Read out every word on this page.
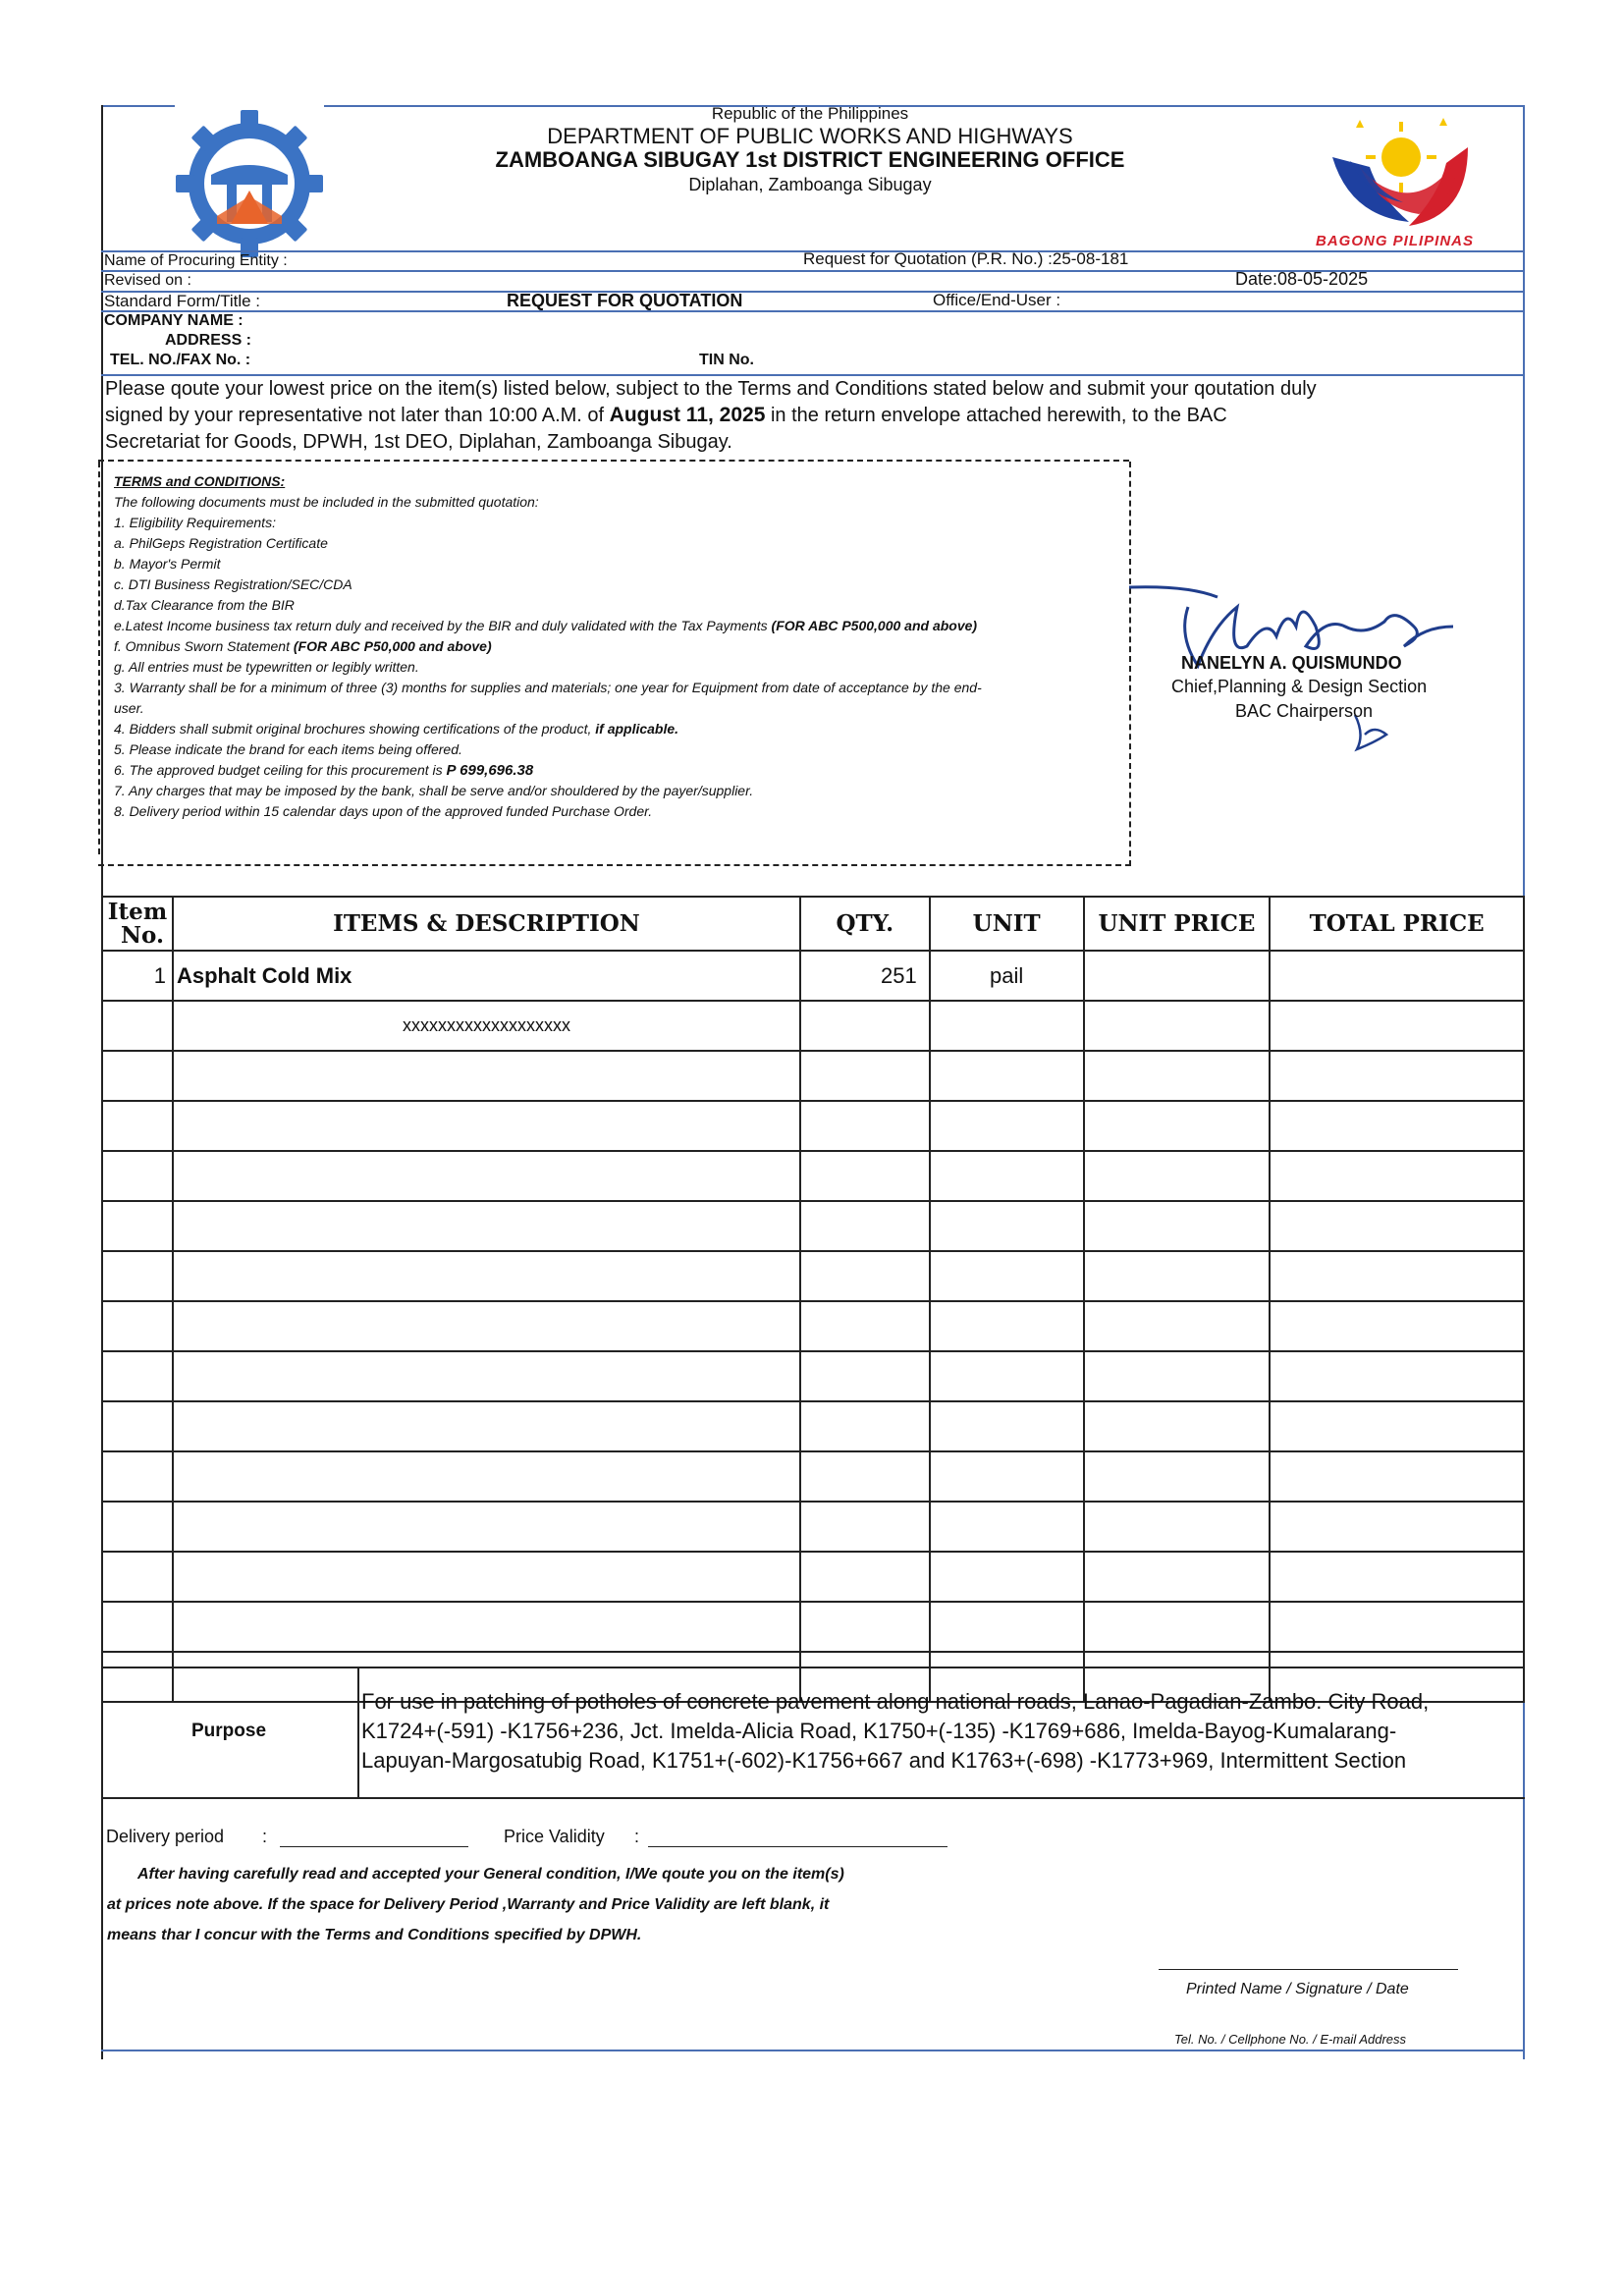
BAGONG PILIPINAS
Republic of the Philippines
DEPARTMENT OF PUBLIC WORKS AND HIGHWAYS
ZAMBOANGA SIBUGAY 1st DISTRICT ENGINEERING OFFICE
Diplahan, Zamboanga Sibugay
Name of Procuring Entity :	Request for Quotation (P.R. No.) :25-08-181
Revised on :	Date:08-05-2025
Standard Form/Title :	REQUEST FOR QUOTATION	Office/End-User :
COMPANY NAME :
ADDRESS :
TEL. NO./FAX No. :	TIN No.
Please qoute your lowest price on the item(s) listed below, subject to the Terms and Conditions stated below and submit your qoutation duly
signed by your representative not later than 10:00 A.M. of August 11, 2025 in the return envelope attached herewith, to the BAC
Secretariat for Goods, DPWH, 1st DEO, Diplahan, Zamboanga Sibugay.
TERMS and CONDITIONS:
The following documents must be included in the submitted quotation:
1. Eligibility Requirements:
a. PhilGeps Registration Certificate
b. Mayor's Permit
c. DTI Business Registration/SEC/CDA
d.Tax Clearance from the BIR
e.Latest Income business tax return duly and received by the BIR and duly validated with the Tax Payments (FOR ABC P500,000 and above)
f. Omnibus Sworn Statement (FOR ABC P50,000 and above)
g. All entries must be typewritten or legibly written.
3. Warranty shall be for a minimum of three (3) months for supplies and materials; one year for Equipment from date of acceptance by the end-
user.
4. Bidders shall submit original brochures showing certifications of the product, if applicable.
5. Please indicate the brand for each items being offered.
6. The approved budget ceiling for this procurement is P 699,696.38
7. Any charges that may be imposed by the bank, shall be serve and/or shouldered by the payer/supplier.
8. Delivery period within 15 calendar days upon of the approved funded Purchase Order.
NANELYN A. QUISMUNDO
Chief,Planning & Design Section
BAC Chairperson
Item
No.	ITEMS & DESCRIPTION	QTY.	UNIT	UNIT PRICE	TOTAL PRICE
1	Asphalt Cold Mix	251	pail		
	xxxxxxxxxxxxxxxxxxx				

Purpose
For use in patching of potholes of concrete pavement along national roads, Lanao-Pagadian-Zambo. City Road,
K1724+(-591) -K1756+236, Jct. Imelda-Alicia Road, K1750+(-135) -K1769+686, Imelda-Bayog-Kumalarang-
Lapuyan-Margosatubig Road, K1751+(-602)-K1756+667 and K1763+(-698) -K1773+969, Intermittent Section
Delivery period :	Price Validity :
After having carefully read and accepted your General condition, I/We qoute you on the item(s)
at prices note above. If the space for Delivery Period ,Warranty and Price Validity are left blank, it
means thar I concur with the Terms and Conditions specified by DPWH.
Printed Name / Signature / Date
Tel. No. / Cellphone No. / E-mail Address
